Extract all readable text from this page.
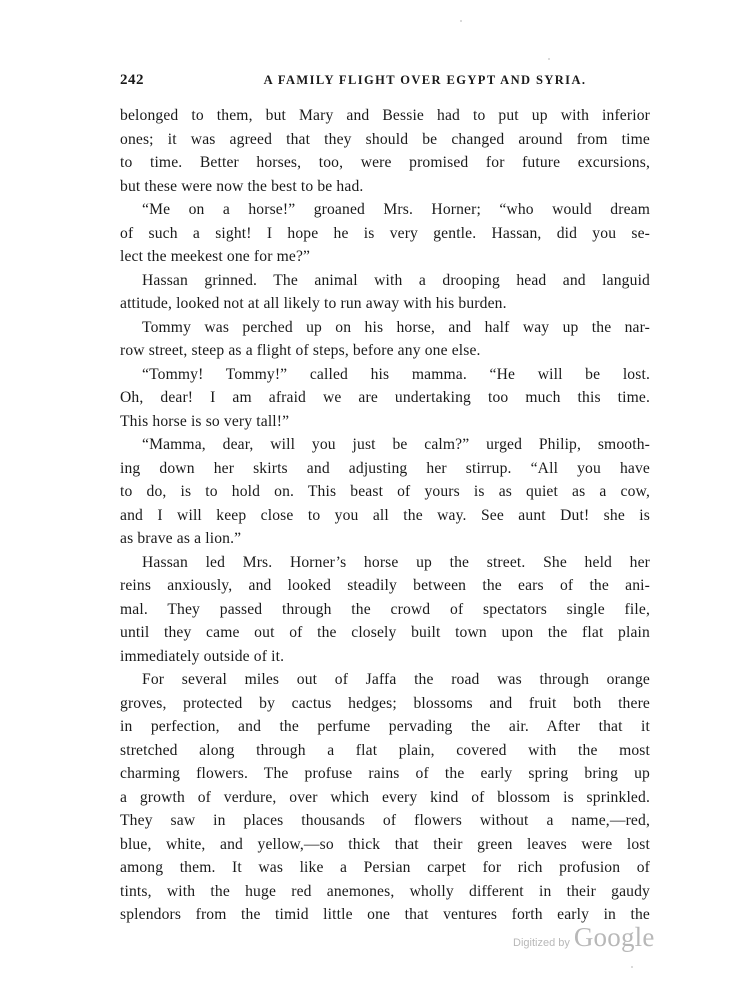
242	A FAMILY FLIGHT OVER EGYPT AND SYRIA.
belonged to them, but Mary and Bessie had to put up with inferior
ones; it was agreed that they should be changed around from time
to time. Better horses, too, were promised for future excursions,
but these were now the best to be had.
“Me on a horse!” groaned Mrs. Horner; “who would dream
of such a sight! I hope he is very gentle. Hassan, did you se-
lect the meekest one for me?”
Hassan grinned. The animal with a drooping head and languid
attitude, looked not at all likely to run away with his burden.
Tommy was perched up on his horse, and half way up the nar-
row street, steep as a flight of steps, before any one else.
“Tommy! Tommy!” called his mamma. “He will be lost.
Oh, dear! I am afraid we are undertaking too much this time.
This horse is so very tall!”
“Mamma, dear, will you just be calm?” urged Philip, smooth-
ing down her skirts and adjusting her stirrup. “All you have
to do, is to hold on. This beast of yours is as quiet as a cow,
and I will keep close to you all the way. See aunt Dut! she is
as brave as a lion.”
Hassan led Mrs. Horner’s horse up the street. She held her
reins anxiously, and looked steadily between the ears of the ani-
mal. They passed through the crowd of spectators single file,
until they came out of the closely built town upon the flat plain
immediately outside of it.
For several miles out of Jaffa the road was through orange
groves, protected by cactus hedges; blossoms and fruit both there
in perfection, and the perfume pervading the air. After that it
stretched along through a flat plain, covered with the most
charming flowers. The profuse rains of the early spring bring up
a growth of verdure, over which every kind of blossom is sprinkled.
They saw in places thousands of flowers without a name,—red,
blue, white, and yellow,—so thick that their green leaves were lost
among them. It was like a Persian carpet for rich profusion of
tints, with the huge red anemones, wholly different in their gaudy
splendors from the timid little one that ventures forth early in the
Digitized by Google
